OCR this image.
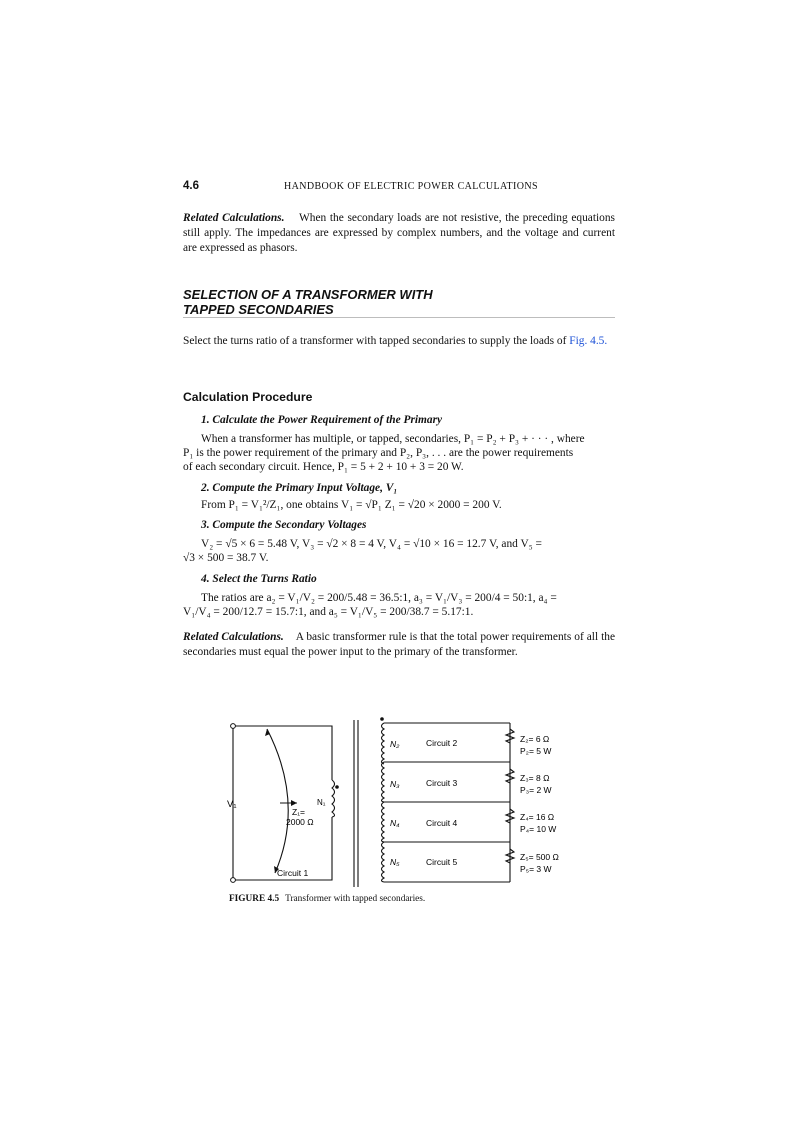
4.6	HANDBOOK OF ELECTRIC POWER CALCULATIONS
Related Calculations. When the secondary loads are not resistive, the preceding equations still apply. The impedances are expressed by complex numbers, and the voltage and current are expressed as phasors.
SELECTION OF A TRANSFORMER WITH
TAPPED SECONDARIES
Select the turns ratio of a transformer with tapped secondaries to supply the loads of Fig. 4.5.
Calculation Procedure
1. Calculate the Power Requirement of the Primary
When a transformer has multiple, or tapped, secondaries, P₁ = P₂ + P₃ + · · · , where
P₁ is the power requirement of the primary and P₂, P₃, . . . are the power requirements
of each secondary circuit. Hence, P₁ = 5 + 2 + 10 + 3 = 20 W.
2. Compute the Primary Input Voltage, V₁
From P₁ = V₁²/Z₁, one obtains V₁ = √P₁ Z₁ = √20 × 2000 = 200 V.
3. Compute the Secondary Voltages
V₂ = √5 × 6 = 5.48 V, V₃ = √2 × 8 = 4 V, V₄ = √10 × 16 = 12.7 V, and V₅ =
√3 × 500 = 38.7 V.
4. Select the Turns Ratio
The ratios are a₂ = V₁/V₂ = 200/5.48 = 36.5:1, a₃ = V₁/V₃ = 200/4 = 50:1, a₄ =
V₁/V₄ = 200/12.7 = 15.7:1, and a₅ = V₁/V₅ = 200/38.7 = 5.17:1.
Related Calculations. A basic transformer rule is that the total power requirements of all the secondaries must equal the power input to the primary of the transformer.
V₁
Z₁=
2000 Ω
N₁
Circuit 1
N₂	Circuit 2	Z₂= 6 Ω
P₂= 5 W
N₃	Circuit 3	Z₃= 8 Ω
P₃= 2 W
N₄	Circuit 4
Z₄= 16 Ω
P₄= 10 W
N₅	Circuit 5	Z₅= 500 Ω
P₅= 3 W
FIGURE 4.5 Transformer with tapped secondaries.
